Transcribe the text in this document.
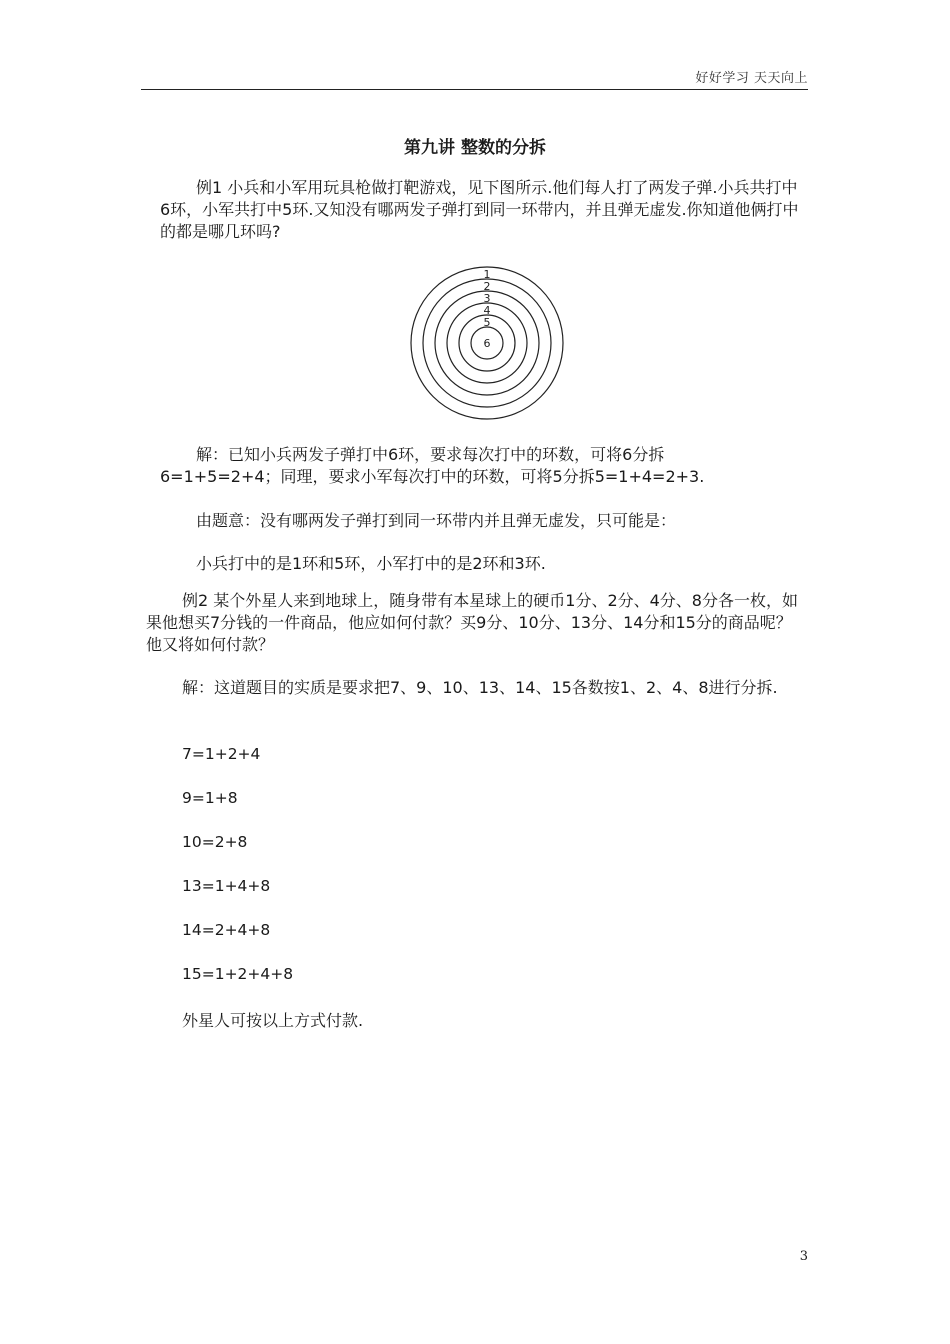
好好学习 天天向上
第九讲 整数的分拆

例1 小兵和小军用玩具枪做打靶游戏，见下图所示.他们每人打了两发子弹.小兵共打中6环，小军共打中5环.又知没有哪两发子弹打到同一环带内，并且弹无虚发.你知道他俩打中的都是哪几环吗?

1
2
3
4
5
6

解：已知小兵两发子弹打中6环，要求每次打中的环数，可将6分拆6=1+5=2+4；同理，要求小军每次打中的环数，可将5分拆5=1+4=2+3.

由题意：没有哪两发子弹打到同一环带内并且弹无虚发，只可能是：

小兵打中的是1环和5环，小军打中的是2环和3环.

例2 某个外星人来到地球上，随身带有本星球上的硬币1分、2分、4分、8分各一枚，如果他想买7分钱的一件商品，他应如何付款？买9分、10分、13分、14分和15分的商品呢？他又将如何付款？

解：这道题目的实质是要求把7、9、10、13、14、15各数按1、2、4、8进行分拆.

7=1+2+4
9=1+8
10=2+8
13=1+4+8
14=2+4+8
15=1+2+4+8
外星人可按以上方式付款.
3
